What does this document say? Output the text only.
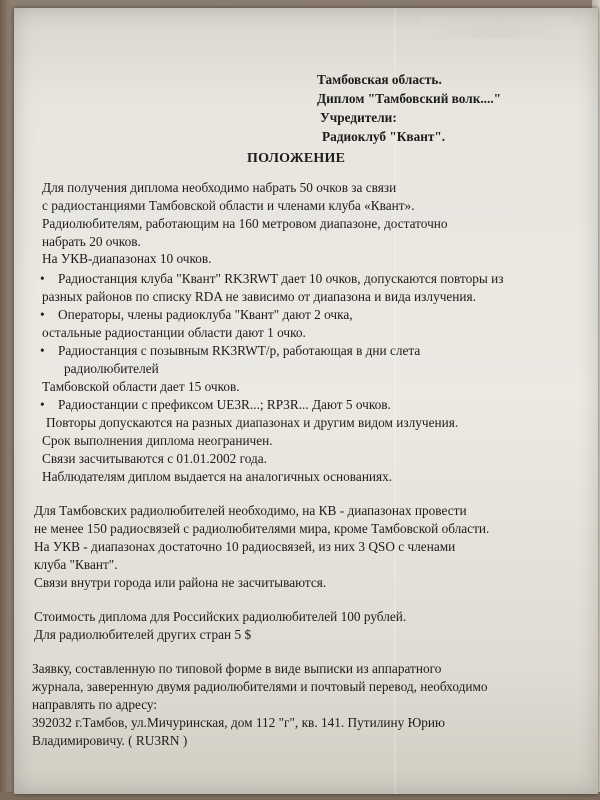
Тамбовская область.
Диплом "Тамбовский волк...."
Учредители:
Радиоклуб "Квант".
ПОЛОЖЕНИЕ
Для получения диплома необходимо набрать 50 очков за связи
с радиостанциями Тамбовской области и членами клуба «Квант».
Радиолюбителям, работающим на 160 метровом диапазоне, достаточно
набрать 20 очков.
На УКВ-диапазонах 10 очков.
• Радиостанция клуба "Квант" RK3RWT дает 10 очков, допускаются повторы из
разных районов по списку RDA не зависимо от диапазона и вида излучения.
• Операторы, члены радиоклуба "Квант" дают 2 очка,
остальные радиостанции области дают 1 очко.
• Радиостанция с позывным RK3RWT/p, работающая в дни слета
радиолюбителей
Тамбовской области дает 15 очков.
• Радиостанции с префиксом UE3R...; RP3R... Дают 5 очков.
Повторы допускаются на разных диапазонах и другим видом излучения.
Срок выполнения диплома неограничен.
Связи засчитываются с 01.01.2002 года.
Наблюдателям диплом выдается на аналогичных основаниях.
Для Тамбовских радиолюбителей необходимо, на КВ - диапазонах провести
не менее 150 радиосвязей с радиолюбителями мира, кроме Тамбовской области.
На УКВ - диапазонах достаточно 10 радиосвязей, из них 3 QSO с членами
клуба "Квант".
Связи внутри города или района не засчитываются.
Стоимость диплома для Российских радиолюбителей 100 рублей.
Для радиолюбителей других стран 5 $
Заявку, составленную по типовой форме в виде выписки из аппаратного
журнала, заверенную двумя радиолюбителями и почтовый перевод, необходимо
направлять по адресу:
392032 г.Тамбов, ул.Мичуринская, дом 112 "г", кв. 141. Путилину Юрию
Владимировичу. ( RU3RN )
